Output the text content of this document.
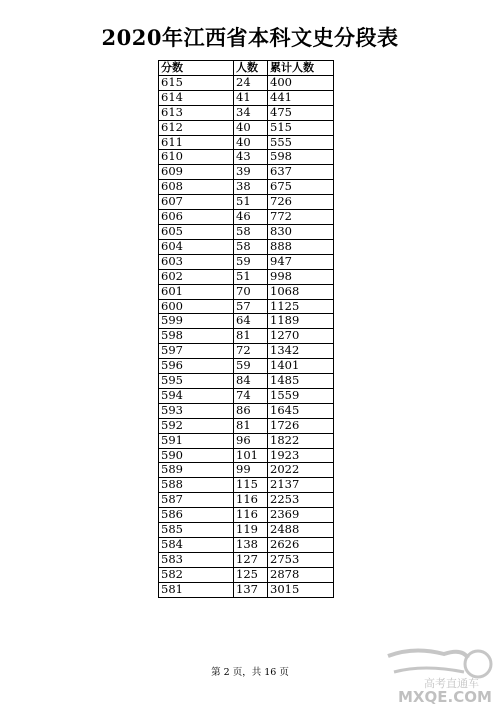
2020年江西省本科文史分段表
分数	人数	累计人数
615	24	400
614	41	441
613	34	475
612	40	515
611	40	555
610	43	598
609	39	637
608	38	675
607	51	726
606	46	772
605	58	830
604	58	888
603	59	947
602	51	998
601	70	1068
600	57	1125
599	64	1189
598	81	1270
597	72	1342
596	59	1401
595	84	1485
594	74	1559
593	86	1645
592	81	1726
591	96	1822
590	101	1923
589	99	2022
588	115	2137
587	116	2253
586	116	2369
585	119	2488
584	138	2626
583	127	2753
582	125	2878
581	137	3015
第 2 页，共 16 页
高考直通车
MXQE.COM
